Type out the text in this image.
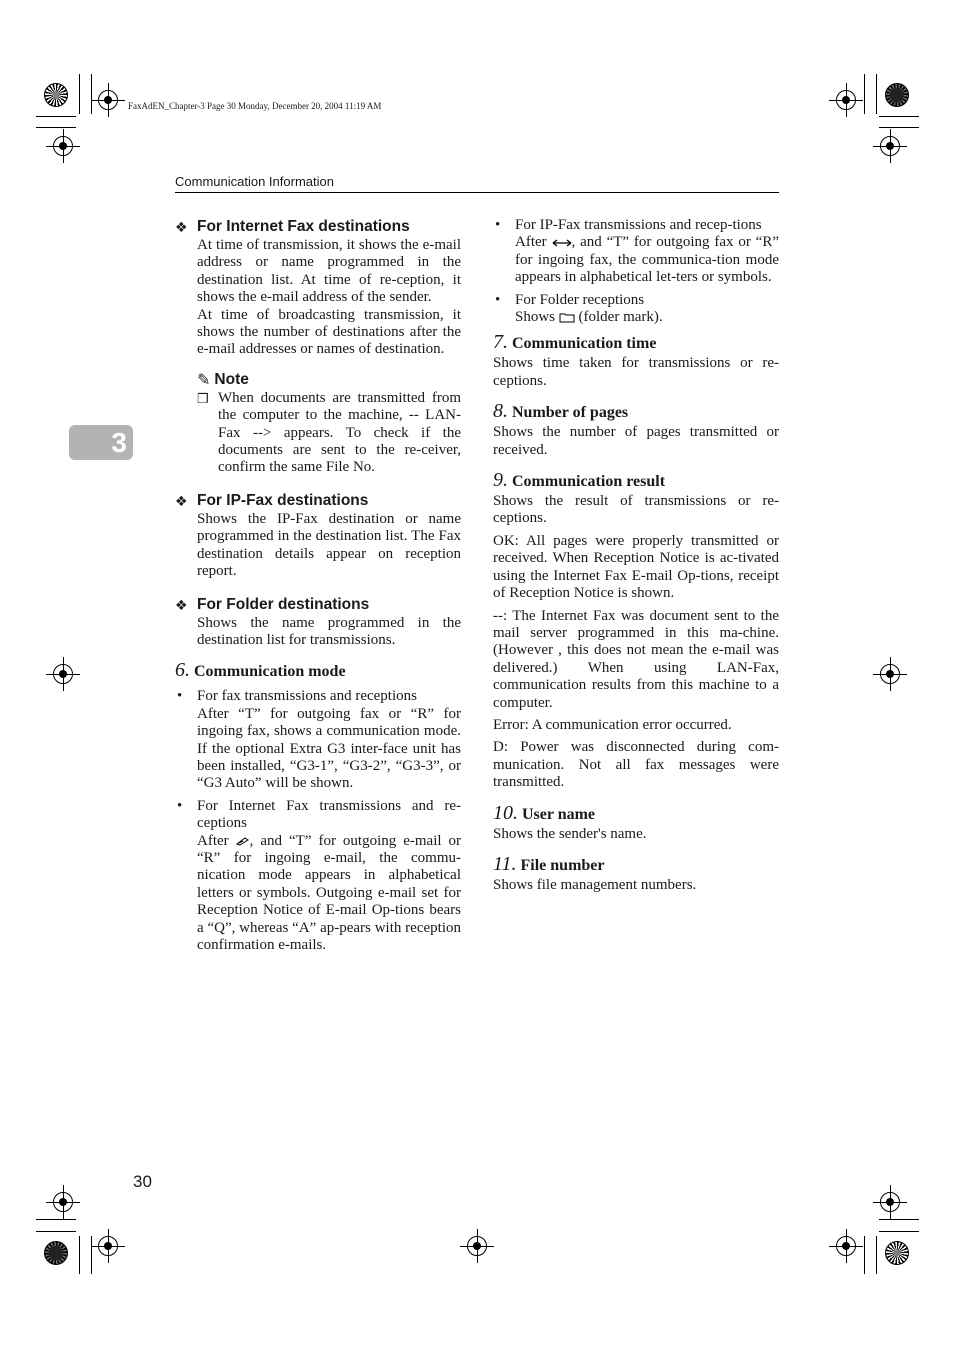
FaxAdEN_Chapter-3 Page 30 Monday, December 20, 2004 11:19 AM
Communication Information
3
❖ For Internet Fax destinations

At time of transmission, it shows the e-mail address or name programmed in the destination list. At time of re-ception, it shows the e-mail address of the sender.

At time of broadcasting transmission, it shows the number of destinations after the e-mail addresses or names of destination.

✎ Note
❒ When documents are transmitted from the computer to the machine, -- LAN-Fax --> appears. To check if the documents are sent to the re-ceiver, confirm the same File No.

❖ For IP-Fax destinations

Shows the IP-Fax destination or name programmed in the destination list. The Fax destination details appear on reception report.

❖ For Folder destinations

Shows the name programmed in the destination list for transmissions.

6. Communication mode
• For fax transmissions and receptions

After “T” for outgoing fax or “R” for ingoing fax, shows a communication mode. If the optional Extra G3 inter-face unit has been installed, “G3-1”, “G3-2”, “G3-3”, or “G3 Auto” will be shown.

• For Internet Fax transmissions and re-ceptions

After , and “T” for outgoing e-mail or “R” for ingoing e-mail, the commu-nication mode appears in alphabetical letters or symbols. Outgoing e-mail set for Reception Notice of E-mail Op-tions bears a “Q”, whereas “A” ap-pears with reception confirmation e-mails.

• For IP-Fax transmissions and recep-tions

After , and “T” for outgoing fax or “R” for ingoing fax, the communica-tion mode appears in alphabetical let-ters or symbols.

• For Folder receptions

Shows (folder mark).

7. Communication time

Shows time taken for transmissions or re-ceptions.

8. Number of pages

Shows the number of pages transmitted or received.

9. Communication result

Shows the result of transmissions or re-ceptions.

OK: All pages were properly transmitted or received. When Reception Notice is ac-tivated using the Internet Fax E-mail Op-tions, receipt of Reception Notice is shown.

--: The Internet Fax was document sent to the mail server programmed in this ma-chine. (However , this does not mean the e-mail was delivered.) When using LAN-Fax, communication results from this machine to a computer.

Error: A communication error occurred.

D: Power was disconnected during com-munication. Not all fax messages were transmitted.

10. User name

Shows the sender's name.

11. File number

Shows file management numbers.

30
